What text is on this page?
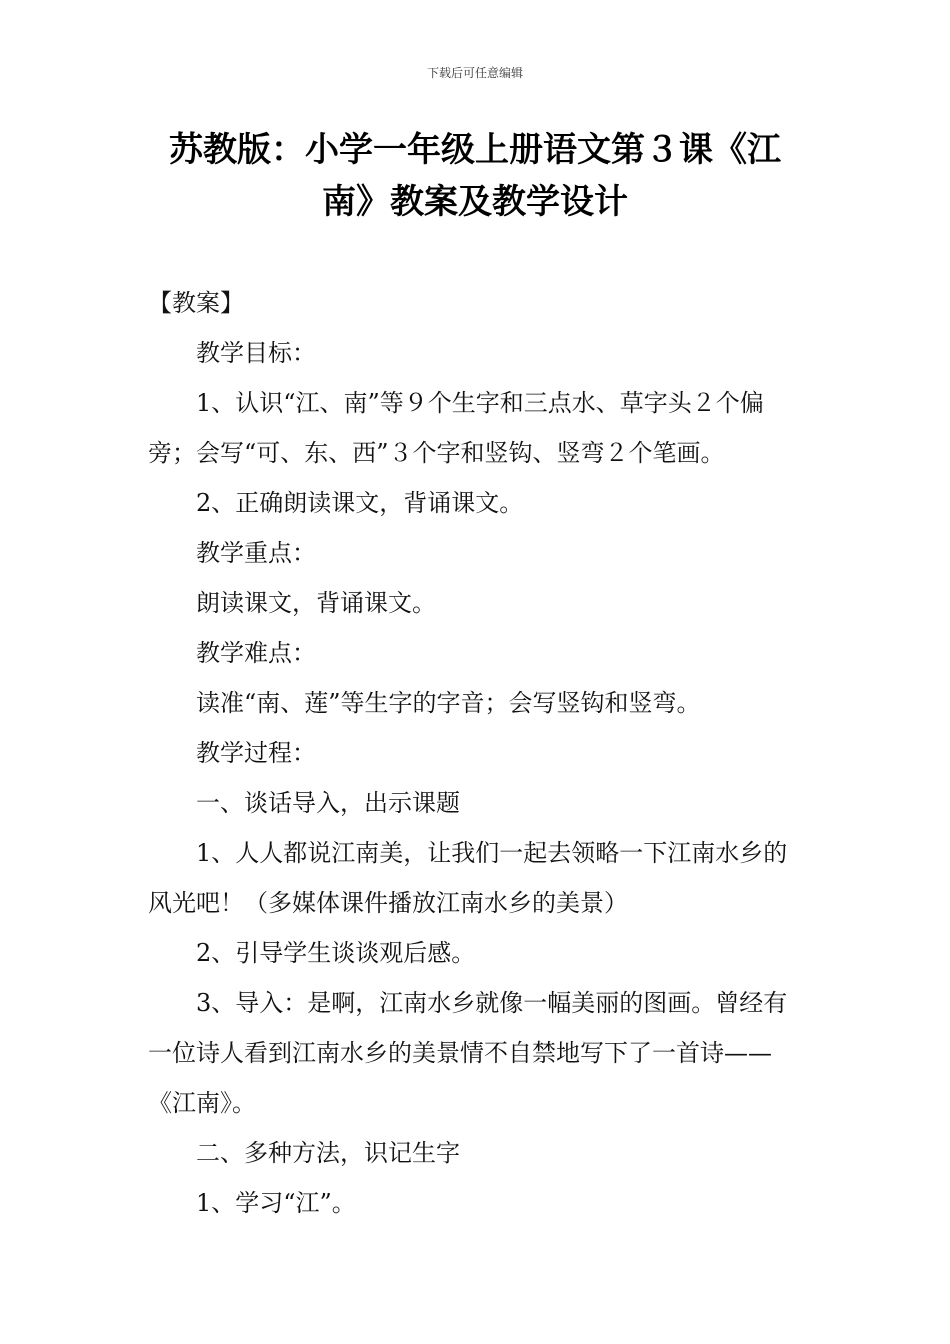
下载后可任意编辑
苏教版：小学一年级上册语文第３课《江
南》教案及教学设计
【教案】

教学目标：

1、认识“江、南”等９个生字和三点水、草字头２个偏旁；会写“可、东、西”３个字和竖钩、竖弯２个笔画。

2、正确朗读课文，背诵课文。

教学重点：

朗读课文，背诵课文。

教学难点：

读准“南、莲”等生字的字音；会写竖钩和竖弯。

教学过程：

一、谈话导入，出示课题

1、人人都说江南美，让我们一起去领略一下江南水乡的风光吧！（多媒体课件播放江南水乡的美景）

2、引导学生谈谈观后感。

3、导入：是啊，江南水乡就像一幅美丽的图画。曾经有一位诗人看到江南水乡的美景情不自禁地写下了一首诗——《江南》。

二、多种方法，识记生字

1、学习“江”。
